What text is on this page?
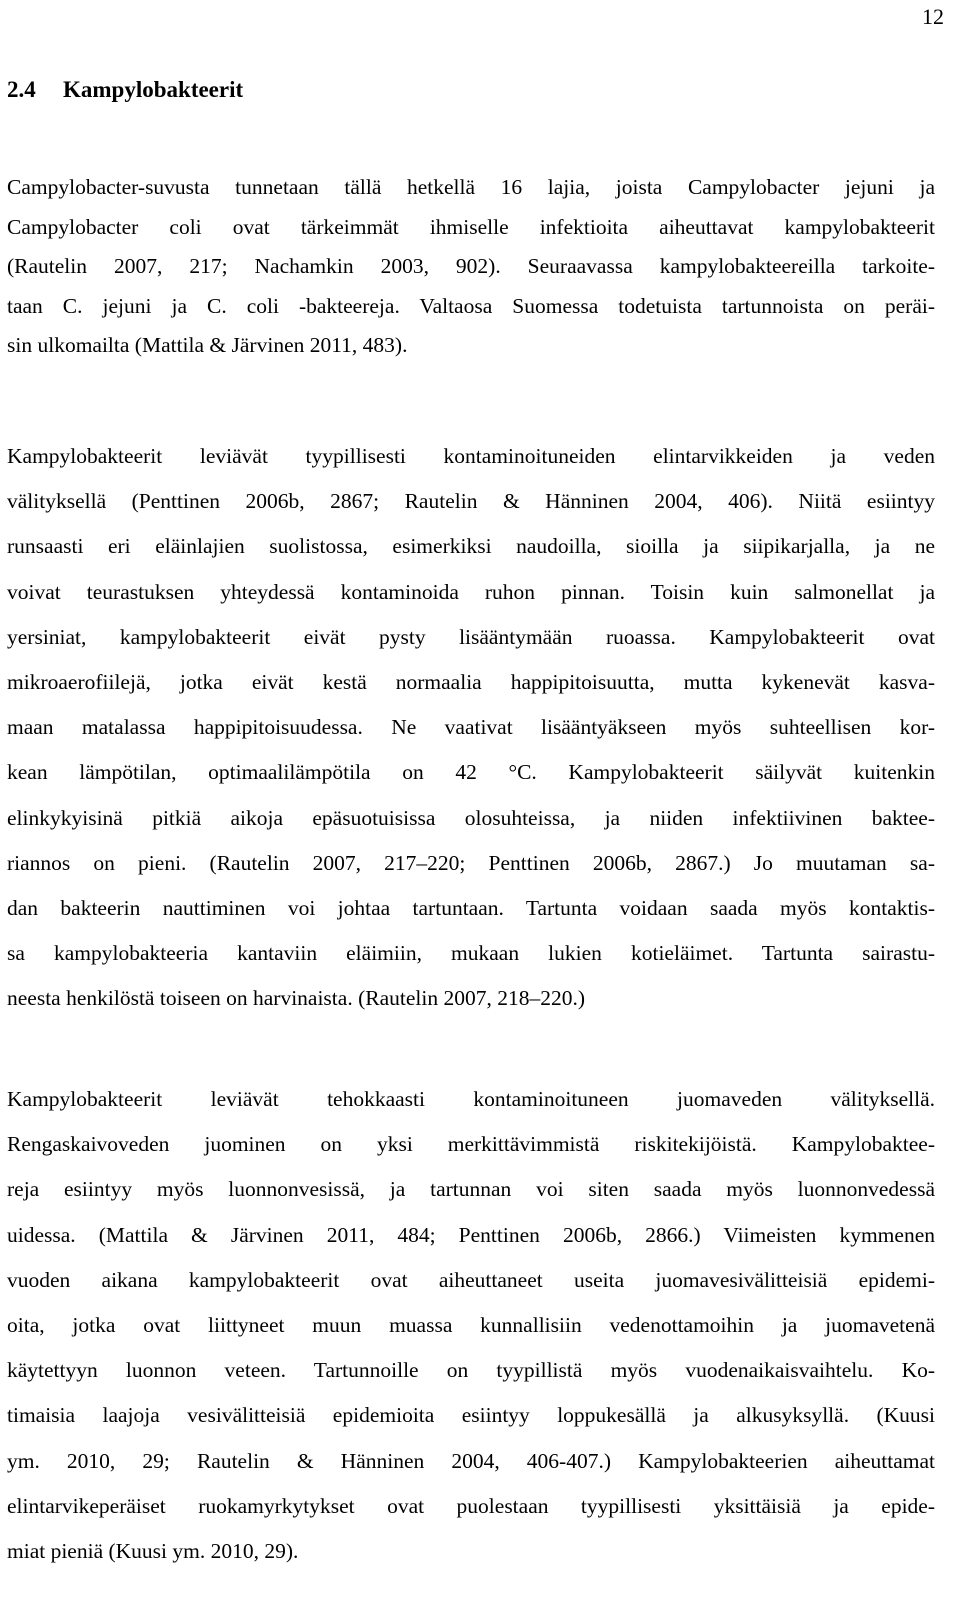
12
2.4 Kampylobakteerit

Campylobacter-suvusta tunnetaan tällä hetkellä 16 lajia, joista Campylobacter jejuni ja
Campylobacter coli ovat tärkeimmät ihmiselle infektioita aiheuttavat kampylobakteerit
(Rautelin 2007, 217; Nachamkin 2003, 902). Seuraavassa kampylobakteereilla tarkoite-
taan C. jejuni ja C. coli -bakteereja. Valtaosa Suomessa todetuista tartunnoista on peräi-
sin ulkomailta (Mattila & Järvinen 2011, 483).

Kampylobakteerit leviävät tyypillisesti kontaminoituneiden elintarvikkeiden ja veden
välityksellä (Penttinen 2006b, 2867; Rautelin & Hänninen 2004, 406). Niitä esiintyy
runsaasti eri eläinlajien suolistossa, esimerkiksi naudoilla, sioilla ja siipikarjalla, ja ne
voivat teurastuksen yhteydessä kontaminoida ruhon pinnan. Toisin kuin salmonellat ja
yersiniat, kampylobakteerit eivät pysty lisääntymään ruoassa. Kampylobakteerit ovat
mikroaerofiilejä, jotka eivät kestä normaalia happipitoisuutta, mutta kykenevät kasva-
maan matalassa happipitoisuudessa. Ne vaativat lisääntyäkseen myös suhteellisen kor-
kean lämpötilan, optimaalilämpötila on 42 °C. Kampylobakteerit säilyvät kuitenkin
elinkykyisinä pitkiä aikoja epäsuotuisissa olosuhteissa, ja niiden infektiivinen baktee-
riannos on pieni. (Rautelin 2007, 217–220; Penttinen 2006b, 2867.) Jo muutaman sa-
dan bakteerin nauttiminen voi johtaa tartuntaan. Tartunta voidaan saada myös kontaktis-
sa kampylobakteeria kantaviin eläimiin, mukaan lukien kotieläimet. Tartunta sairastu-
neesta henkilöstä toiseen on harvinaista. (Rautelin 2007, 218–220.)

Kampylobakteerit leviävät tehokkaasti kontaminoituneen juomaveden välityksellä.
Rengaskaivoveden juominen on yksi merkittävimmistä riskitekijöistä. Kampylobaktee-
reja esiintyy myös luonnonvesissä, ja tartunnan voi siten saada myös luonnonvedessä
uidessa. (Mattila & Järvinen 2011, 484; Penttinen 2006b, 2866.) Viimeisten kymmenen
vuoden aikana kampylobakteerit ovat aiheuttaneet useita juomavesivälitteisiä epidemi-
oita, jotka ovat liittyneet muun muassa kunnallisiin vedenottamoihin ja juomavetenä
käytettyyn luonnon veteen. Tartunnoille on tyypillistä myös vuodenaikaisvaihtelu. Ko-
timaisia laajoja vesivälitteisiä epidemioita esiintyy loppukesällä ja alkusyksyllä. (Kuusi
ym. 2010, 29; Rautelin & Hänninen 2004, 406-407.) Kampylobakteerien aiheuttamat
elintarvikeperäiset ruokamyrkytykset ovat puolestaan tyypillisesti yksittäisiä ja epide-
miat pieniä (Kuusi ym. 2010, 29).
